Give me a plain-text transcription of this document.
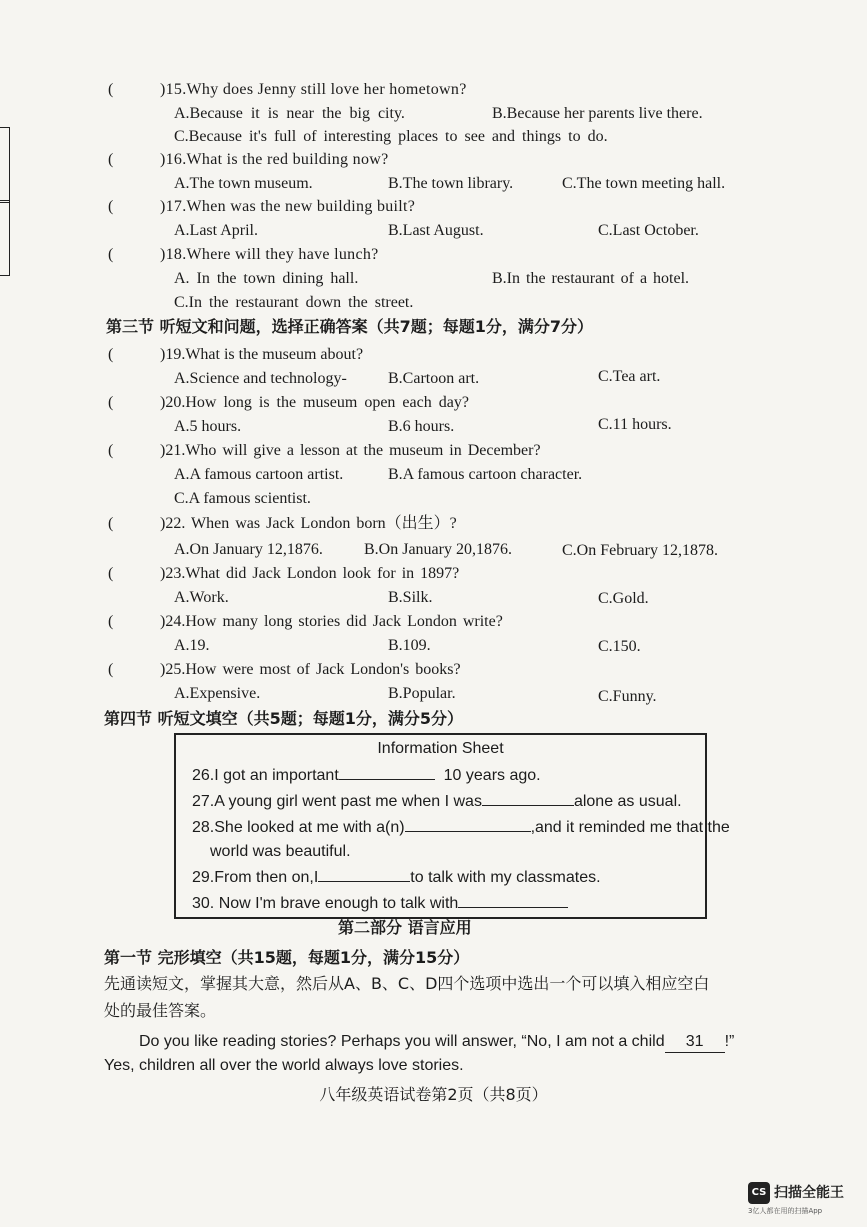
(	)15.Why does Jenny still love her hometown?
A.Because it is near the big city.	B.Because her parents live there.
C.Because it's full of interesting places to see and things to do.
(	)16.What is the red building now?
A.The town museum.	B.The town library.	C.The town meeting hall.
(	)17.When was the new building built?
A.Last April.	B.Last August.	C.Last October.
(	)18.Where will they have lunch?
A. In the town dining hall.	B.In the restaurant of a hotel.
C.In the restaurant down the street.
第三节 听短文和问题，选择正确答案（共7题；每题1分，满分7分）
(	)19.What is the museum about?
A.Science and technology-	B.Cartoon art.	C.Tea art.
(	)20.How long is the museum open each day?
A.5 hours.	B.6 hours.	C.11 hours.
(	)21.Who will give a lesson at the museum in December?
A.A famous cartoon artist.	B.A famous cartoon character.
C.A famous scientist.
(	)22. When was Jack London born（出生）?
A.On January 12,1876.	B.On January 20,1876.	C.On February 12,1878.
(	)23.What did Jack London look for in 1897?
A.Work.	B.Silk.	C.Gold.
(	)24.How many long stories did Jack London write?
A.19.	B.109.	C.150.
(	)25.How were most of Jack London's books?
A.Expensive.	B.Popular.	C.Funny.
第四节 听短文填空（共5题；每题1分，满分5分）
Information Sheet
26.I got an important	10 years ago.
27.A young girl went past me when I was	alone as usual.
28.She looked at me with a(n)	,and it reminded me that the
world was beautiful.
29.From then on,I	to talk with my classmates.
30. Now I'm brave enough to talk with
第二部分 语言应用
第一节 完形填空（共15题，每题1分，满分15分）
先通读短文，掌握其大意，然后从A、B、C、D四个选项中选出一个可以填入相应空白
处的最佳答案。
Do you like reading stories? Perhaps you will answer, “No, I am not a child 31 !”
Yes, children all over the world always love stories.
八年级英语试卷第2页（共8页）
CS 扫描全能王
3亿人都在用的扫描App
